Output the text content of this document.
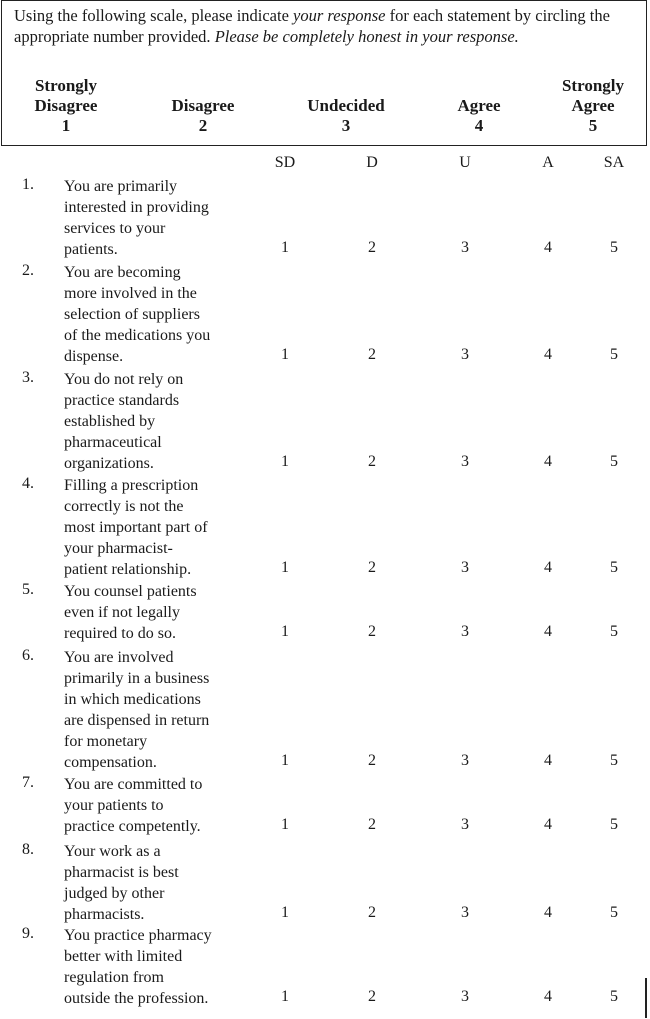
Using the following scale, please indicate your response for each statement by circling the appropriate number provided. Please be completely honest in your response.
Strongly
Disagree
1
Disagree
2
Undecided
3
Agree
4
Strongly
Agree
5
SD	D	U	A	SA
1. You are primarily
interested in providing
services to your
patients.	1	2	3	4	5
2. You are becoming
more involved in the
selection of suppliers
of the medications you
dispense.	1	2	3	4	5
3. You do not rely on
practice standards
established by
pharmaceutical
organizations.	1	2	3	4	5
4. Filling a prescription
correctly is not the
most important part of
your pharmacist-
patient relationship.	1	2	3	4	5
5. You counsel patients
even if not legally
required to do so.	1	2	3	4	5
6. You are involved
primarily in a business
in which medications
are dispensed in return
for monetary
compensation.	1	2	3	4	5
7. You are committed to
your patients to
practice competently.	1	2	3	4	5
8. Your work as a
pharmacist is best
judged by other
pharmacists.	1	2	3	4	5
9. You practice pharmacy
better with limited
regulation from
outside the profession.	1	2	3	4	5
